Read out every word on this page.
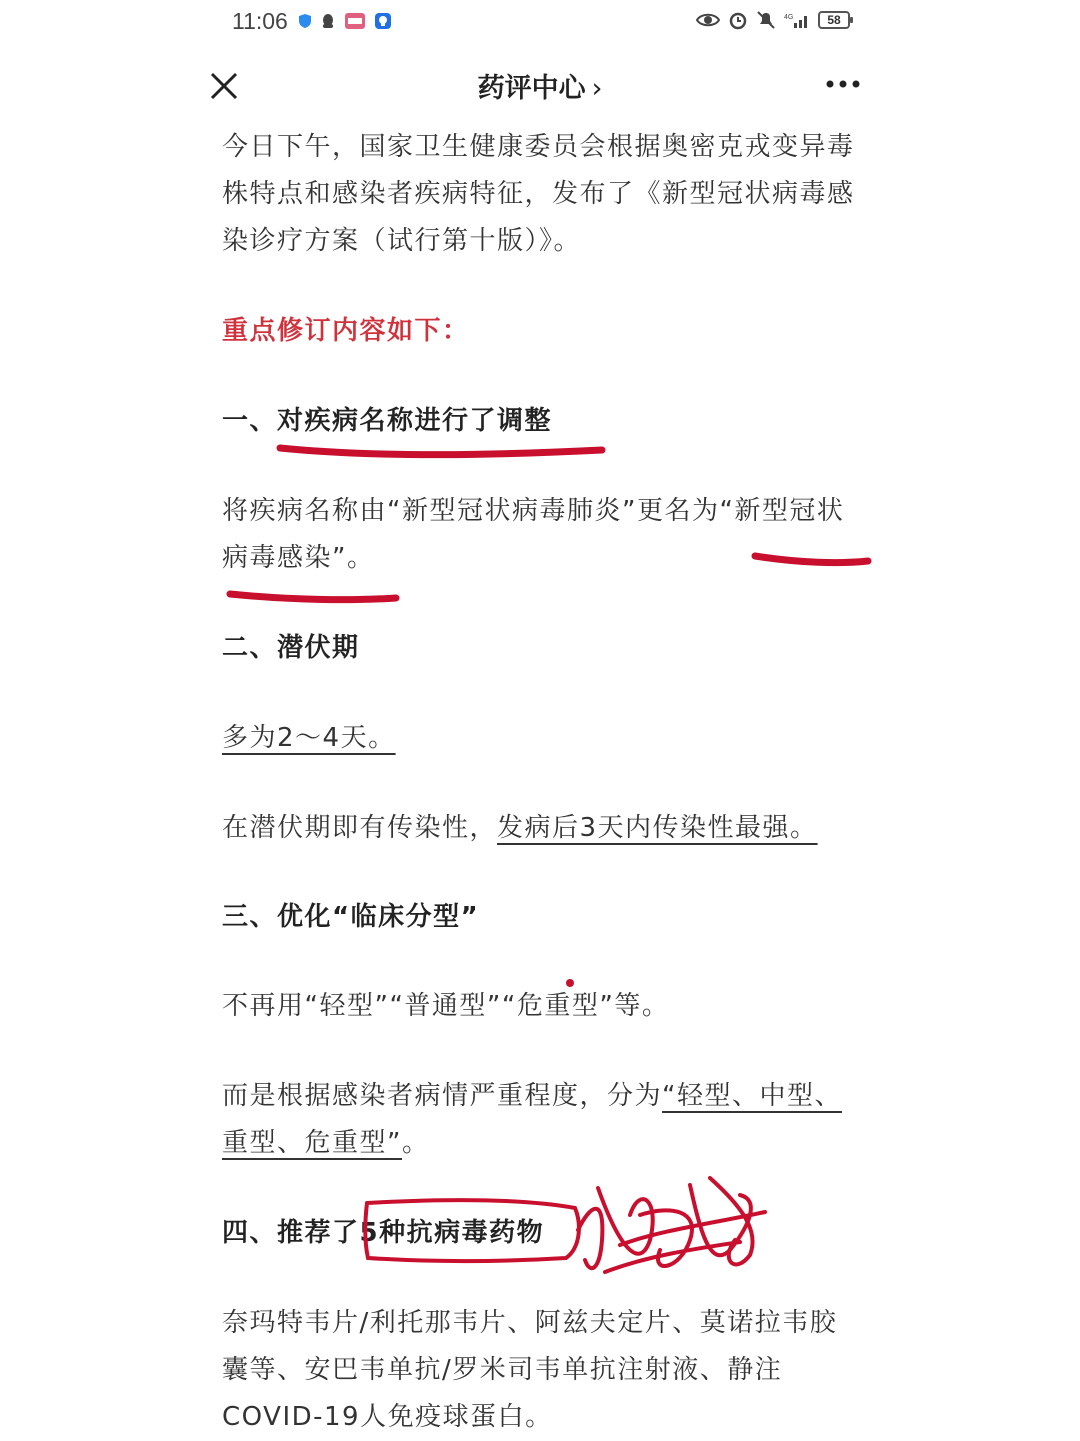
11:06	4G	58
药评中心 ›

今日下午，国家卫生健康委员会根据奥密克戎变异毒株特点和感染者疾病特征，发布了《新型冠状病毒感染诊疗方案（试行第十版）》。

重点修订内容如下：

一、对疾病名称进行了调整

将疾病名称由“新型冠状病毒肺炎”更名为“新型冠状病毒感染”。

二、潜伏期

多为2～4天。

在潜伏期即有传染性，发病后3天内传染性最强。

三、优化“临床分型”

不再用“轻型”“普通型”“危重型”等。

而是根据感染者病情严重程度，分为“轻型、中型、重型、危重型”。

四、推荐了5种抗病毒药物

奈玛特韦片/利托那韦片、阿兹夫定片、莫诺拉韦胶囊等、安巴韦单抗/罗米司韦单抗注射液、静注COVID-19人免疫球蛋白。
